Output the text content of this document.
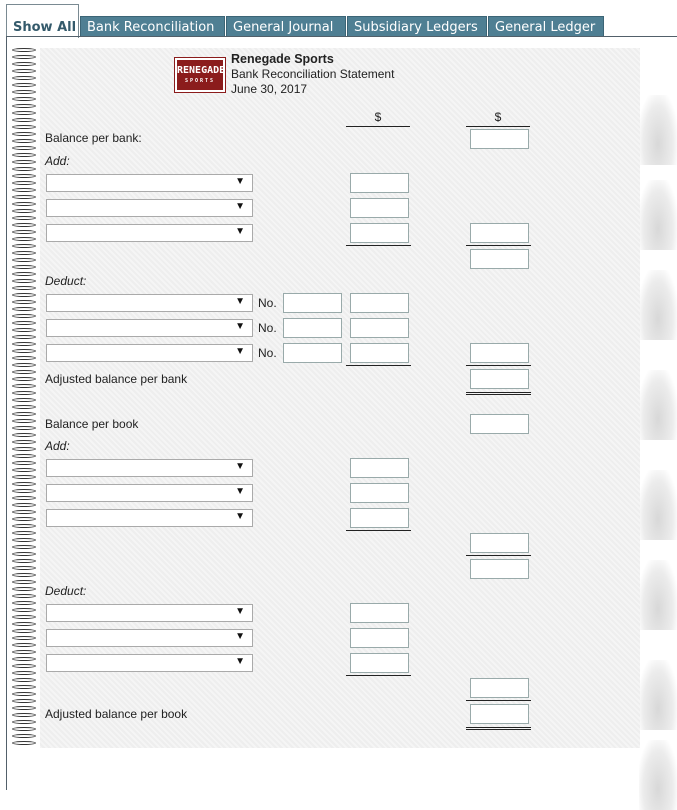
Show All Bank Reconciliation	General Journal	Subsidiary Ledgers	General Ledger
RENEGADE
SPORTS
Renegade Sports
Bank Reconciliation Statement
June 30, 2017
$	$
Balance per bank:
Add:
▼
▼
▼
Deduct:
▼ No.
▼ No.
▼ No.
Adjusted balance per bank
Balance per book
Add:
▼
▼
▼
Deduct:
▼
▼
▼
Adjusted balance per book
